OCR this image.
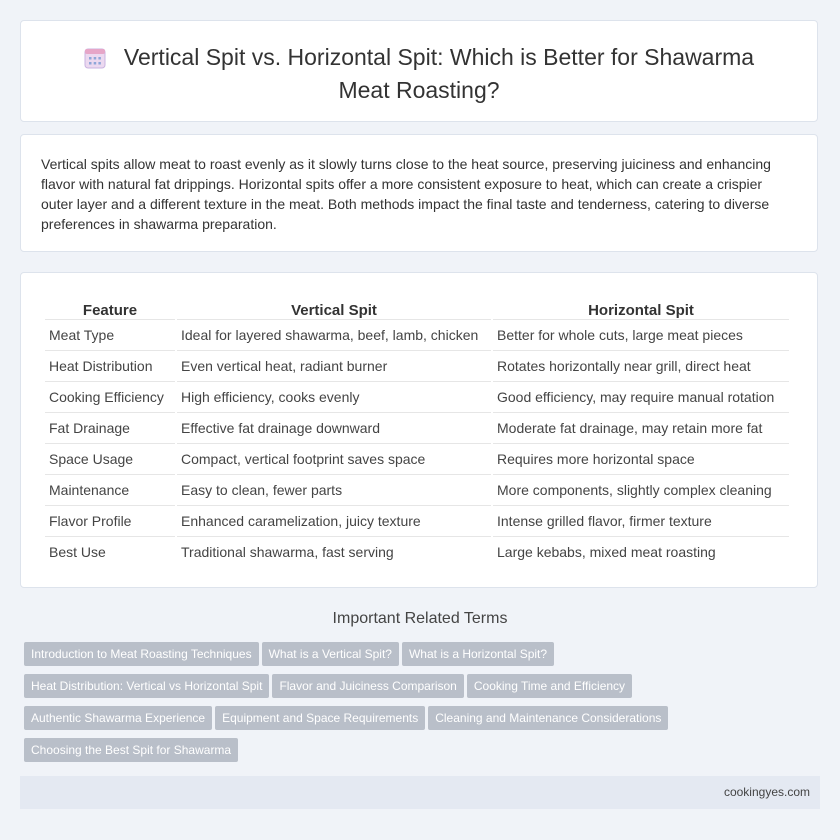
Vertical Spit vs. Horizontal Spit: Which is Better for Shawarma Meat Roasting?

Vertical spits allow meat to roast evenly as it slowly turns close to the heat source, preserving juiciness and enhancing flavor with natural fat drippings. Horizontal spits offer a more consistent exposure to heat, which can create a crispier outer layer and a different texture in the meat. Both methods impact the final taste and tenderness, catering to diverse preferences in shawarma preparation.

Feature	Vertical Spit	Horizontal Spit
Meat Type	Ideal for layered shawarma, beef, lamb, chicken	Better for whole cuts, large meat pieces
Heat Distribution	Even vertical heat, radiant burner	Rotates horizontally near grill, direct heat
Cooking Efficiency	High efficiency, cooks evenly	Good efficiency, may require manual rotation
Fat Drainage	Effective fat drainage downward	Moderate fat drainage, may retain more fat
Space Usage	Compact, vertical footprint saves space	Requires more horizontal space
Maintenance	Easy to clean, fewer parts	More components, slightly complex cleaning
Flavor Profile	Enhanced caramelization, juicy texture	Intense grilled flavor, firmer texture
Best Use	Traditional shawarma, fast serving	Large kebabs, mixed meat roasting
Important Related Terms
Introduction to Meat Roasting Techniques What is a Vertical Spit? What is a Horizontal Spit?
Heat Distribution: Vertical vs Horizontal Spit Flavor and Juiciness Comparison Cooking Time and Efficiency
Authentic Shawarma Experience Equipment and Space Requirements Cleaning and Maintenance Considerations
Choosing the Best Spit for Shawarma
cookingyes.com
